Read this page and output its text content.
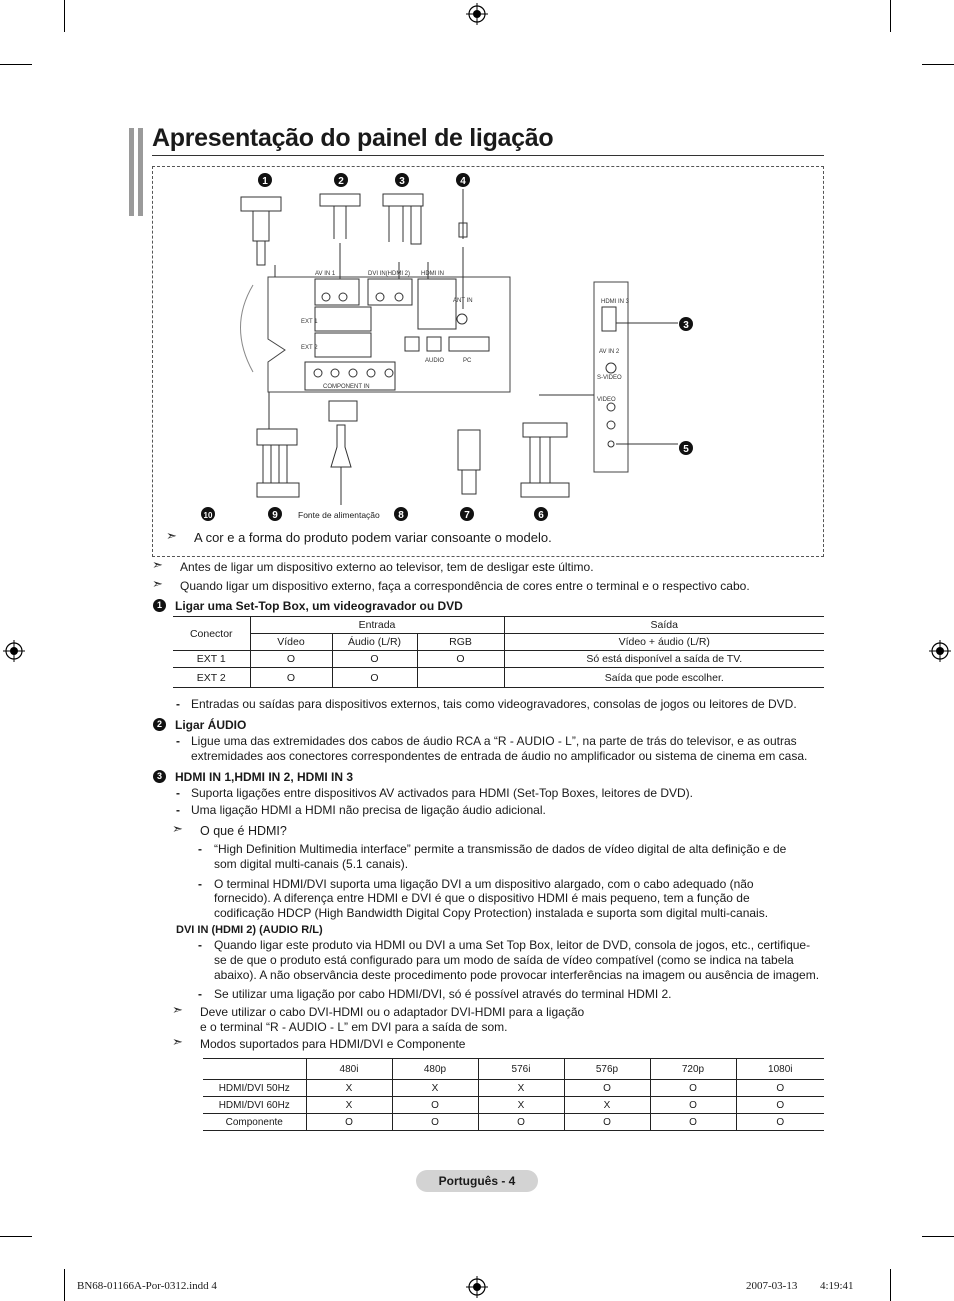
Apresentação do painel de ligação
AV IN 1	DVI IN(HDMI 2) HDMI IN
ANT IN
EXT 1
EXT 2
AUDIO	PC
COMPONENT IN
HDMI IN 3
AV IN 2
S-VIDEO
VIDEO
Fonte de alimentação
1	2	3	4
3
5
6
7
8
9
10
➣ A cor e a forma do produto podem variar consoante o modelo.
➣ Antes de ligar um dispositivo externo ao televisor, tem de desligar este último.
➣ Quando ligar um dispositivo externo, faça a correspondência de cores entre o terminal e o respectivo cabo.
1	Ligar uma Set-Top Box, um videogravador ou DVD
Conector	Entrada			Saída
	Vídeo	Áudio (L/R)	RGB	Vídeo + áudio (L/R)
EXT 1	O	O	O	Só está disponível a saída de TV.
EXT 2	O	O		Saída que pode escolher.
- Entradas ou saídas para dispositivos externos, tais como videogravadores, consolas de jogos ou leitores de DVD.
2	Ligar ÁUDIO
- Ligue uma das extremidades dos cabos de áudio RCA a “R - AUDIO - L”, na parte de trás do televisor, e as outras
extremidades aos conectores correspondentes de entrada de áudio no amplificador ou sistema de cinema em casa.
3	HDMI IN 1,HDMI IN 2, HDMI IN 3
- Suporta ligações entre dispositivos AV activados para HDMI (Set-Top Boxes, leitores de DVD).
- Uma ligação HDMI a HDMI não precisa de ligação áudio adicional.
➣ O que é HDMI?
- “High Definition Multimedia interface” permite a transmissão de dados de vídeo digital de alta definição e de
som digital multi-canais (5.1 canais).
- O terminal HDMI/DVI suporta uma ligação DVI a um dispositivo alargado, com o cabo adequado (não
fornecido). A diferença entre HDMI e DVI é que o dispositivo HDMI é mais pequeno, tem a função de
codificação HDCP (High Bandwidth Digital Copy Protection) instalada e suporta som digital multi-canais.
DVI IN (HDMI 2) (AUDIO R/L)
- Quando ligar este produto via HDMI ou DVI a uma Set Top Box, leitor de DVD, consola de jogos, etc., certifique-
se de que o produto está configurado para um modo de saída de vídeo compatível (como se indica na tabela
abaixo). A não observância deste procedimento pode provocar interferências na imagem ou ausência de imagem.
- Se utilizar uma ligação por cabo HDMI/DVI, só é possível através do terminal HDMI 2.
➣ Deve utilizar o cabo DVI-HDMI ou o adaptador DVI-HDMI para a ligação
e o terminal “R - AUDIO - L” em DVI para a saída de som.
➣ Modos suportados para HDMI/DVI e Componente
	480i	480p	576i	576p	720p	1080i
HDMI/DVI 50Hz	X	X	X	O	O	O
HDMI/DVI 60Hz	X	O	X	X	O	O
Componente	O	O	O	O	O	O
Português - 4
BN68-01166A-Por-0312.indd 4	2007-03-13 ￿￿ 4:19:41
